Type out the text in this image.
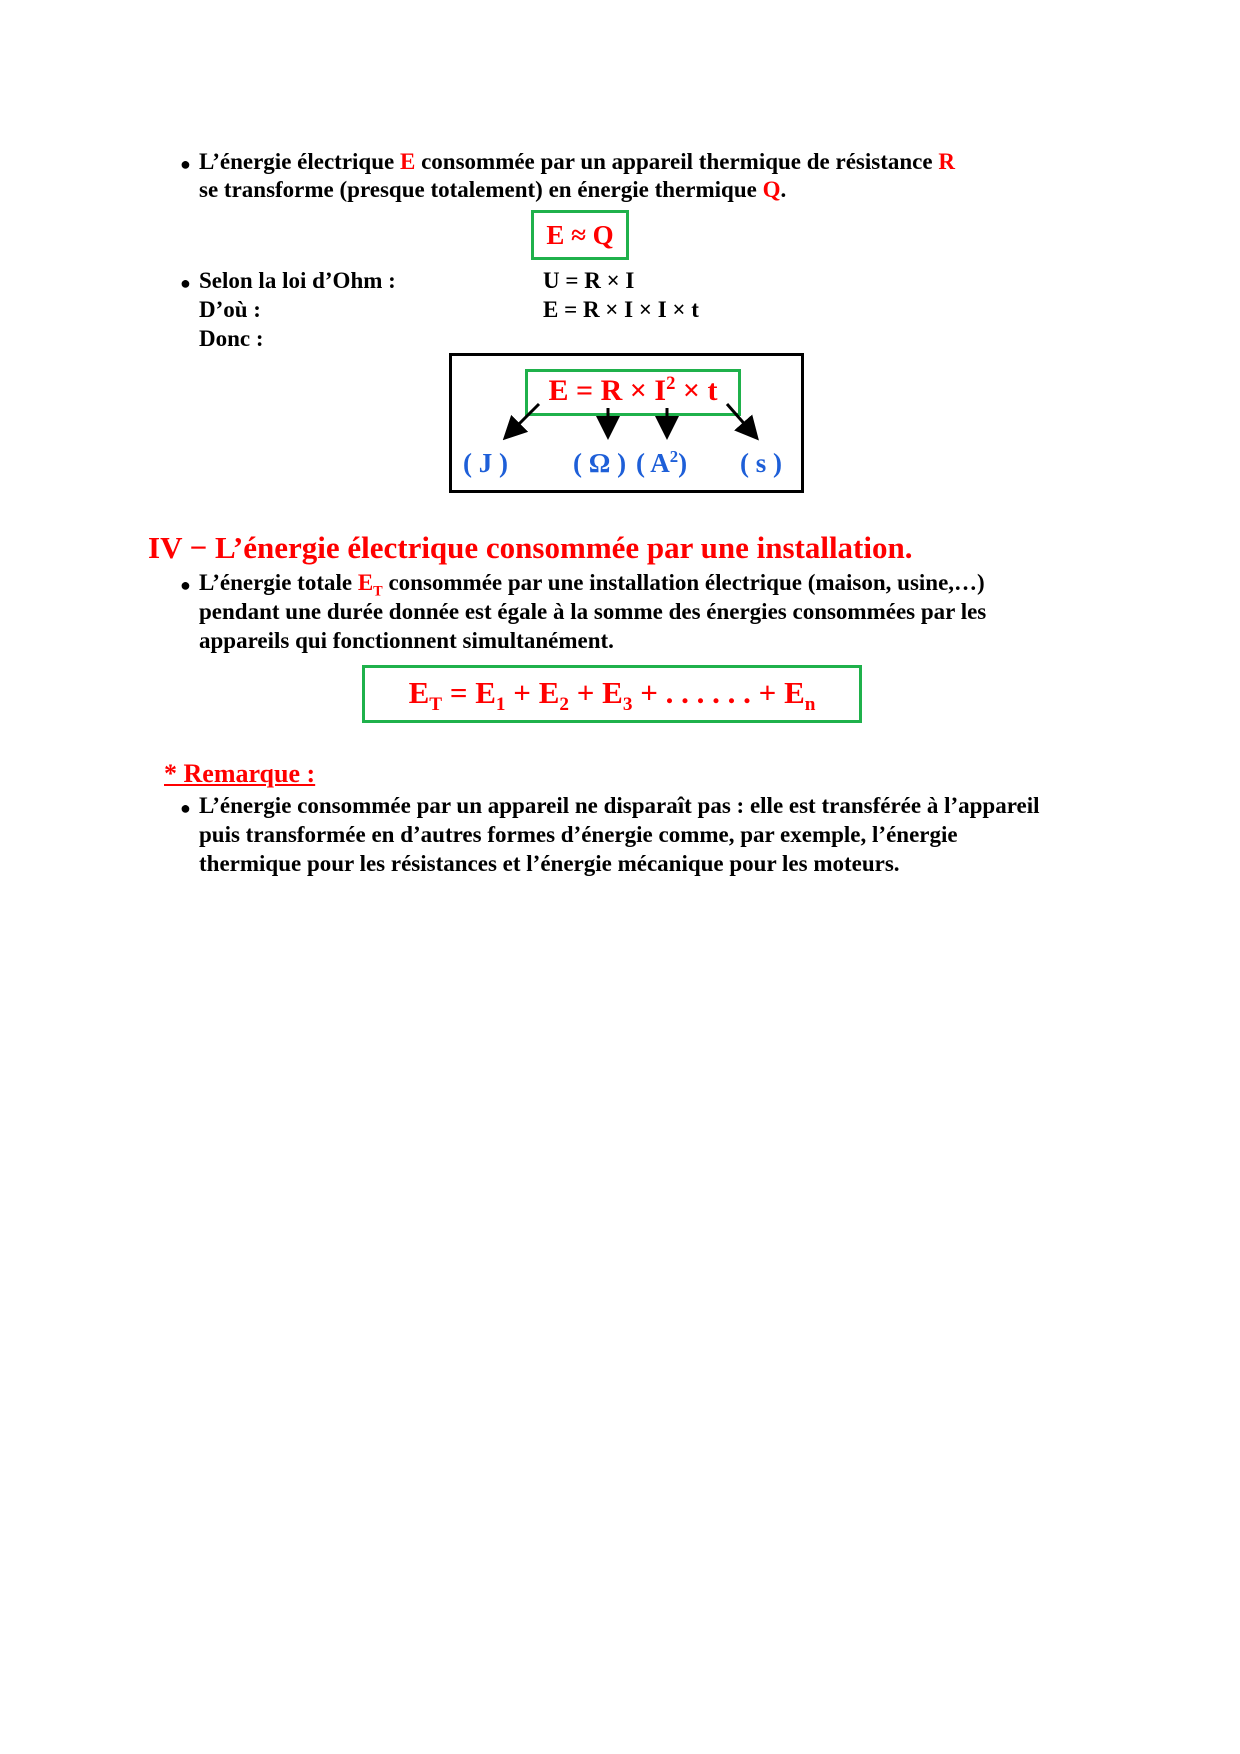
● L’énergie électrique E consommée par un appareil thermique de résistance R
se transforme (presque totalement) en énergie thermique Q.
E ≈ Q
● Selon la loi d’Ohm :
D’où :
Donc :
U = R × I
E = R × I × I × t
$E = R \times I^2 \times t$
( J ) ( Ω ) ( $A^2$) ( s )
IV − L’énergie électrique consommée par une installation.
● L’énergie totale $E_T$ consommée par une installation électrique (maison, usine,…)
pendant une durée donnée est égale à la somme des énergies consommées par les
appareils qui fonctionnent simultanément.
$E_T = E_1 + E_2 + E_3$ + . . . . . . + $E_n$
* Remarque :
● L’énergie consommée par un appareil ne disparaît pas : elle est transférée à l’appareil
puis transformée en d’autres formes d’énergie comme, par exemple, l’énergie
thermique pour les résistances et l’énergie mécanique pour les moteurs.
